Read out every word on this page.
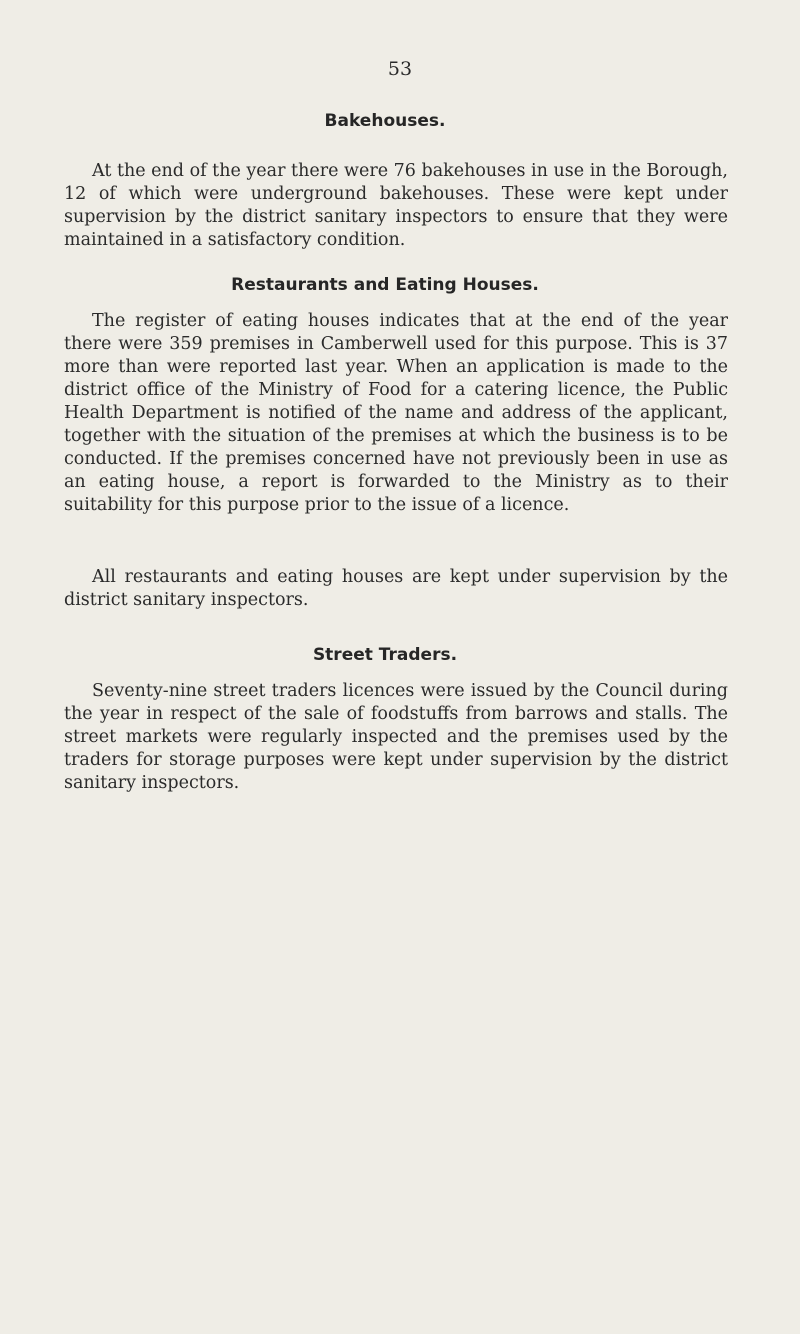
53
Bakehouses.

At the end of the year there were 76 bakehouses in use in the Borough, 12 of which were underground bakehouses. These were kept under supervision by the district sanitary inspectors to ensure that they were maintained in a satisfactory condition.

Restaurants and Eating Houses.

The register of eating houses indicates that at the end of the year there were 359 premises in Camberwell used for this purpose. This is 37 more than were reported last year. When an application is made to the district office of the Ministry of Food for a catering licence, the Public Health Department is notified of the name and address of the applicant, together with the situation of the premises at which the business is to be conducted. If the premises concerned have not previously been in use as an eating house, a report is forwarded to the Ministry as to their suitability for this purpose prior to the issue of a licence.

All restaurants and eating houses are kept under supervision by the district sanitary inspectors.

Street Traders.

Seventy-nine street traders licences were issued by the Council during the year in respect of the sale of foodstuffs from barrows and stalls. The street markets were regularly inspected and the premises used by the traders for storage purposes were kept under supervision by the district sanitary inspectors.
